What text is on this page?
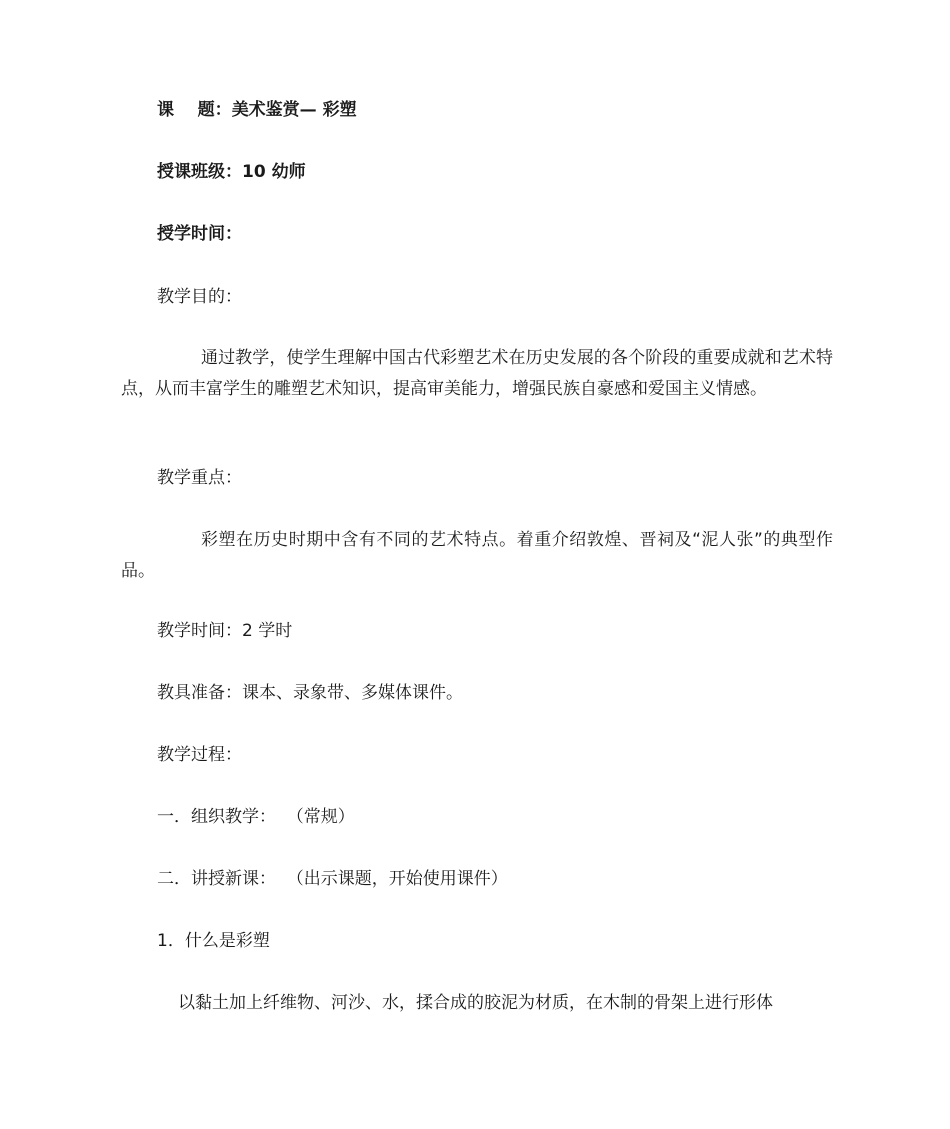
课    题：美术鉴赏— 彩塑
授课班级：10 幼师
授学时间：
教学目的：
通过教学，使学生理解中国古代彩塑艺术在历史发展的各个阶段的重要成就和艺术特点，从而丰富学生的雕塑艺术知识，提高审美能力，增强民族自豪感和爱国主义情感。
教学重点：
彩塑在历史时期中含有不同的艺术特点。着重介绍敦煌、晋祠及“泥人张”的典型作品。
教学时间：2 学时
教具准备：课本、录象带、多媒体课件。
教学过程：
一．组织教学：  （常规）
二．讲授新课：  （出示课题，开始使用课件）
1．什么是彩塑
以黏土加上纤维物、河沙、水，揉合成的胶泥为材质，在木制的骨架上进行形体
